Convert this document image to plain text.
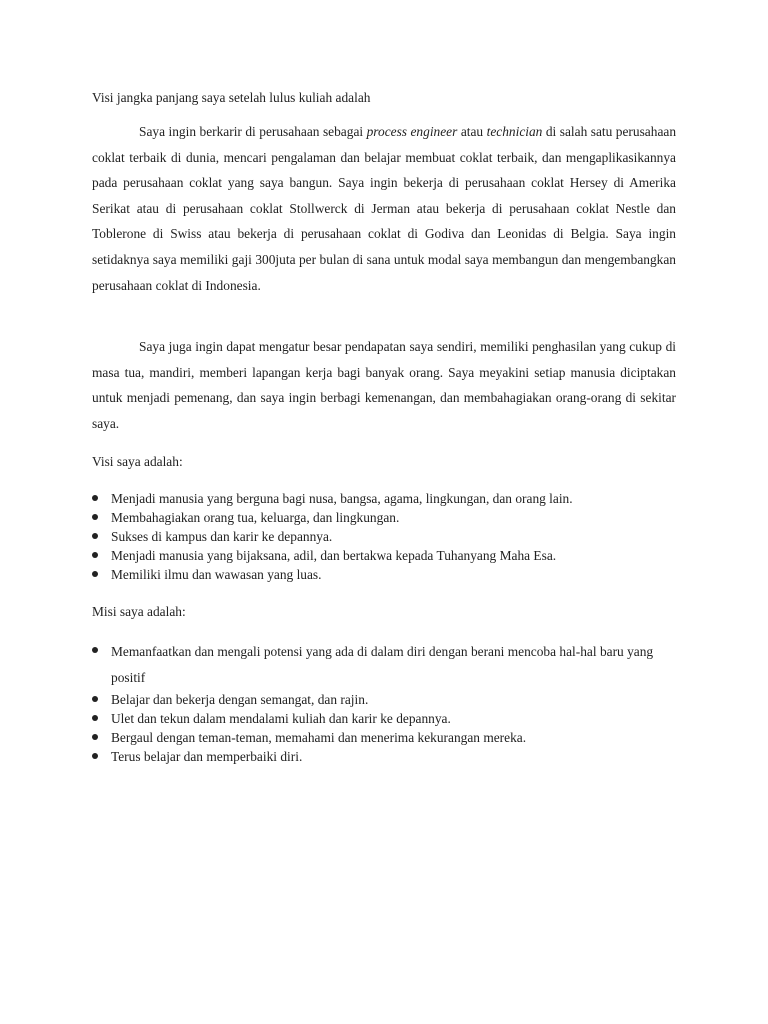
Visi jangka panjang saya setelah lulus kuliah adalah

Saya ingin berkarir di perusahaan sebagai process engineer atau technician di salah satu perusahaan coklat terbaik di dunia, mencari pengalaman dan belajar membuat coklat terbaik, dan mengaplikasikannya pada perusahaan coklat yang saya bangun. Saya ingin bekerja di perusahaan coklat Hersey di Amerika Serikat atau di perusahaan coklat Stollwerck di Jerman atau bekerja di perusahaan coklat Nestle dan Toblerone di Swiss atau bekerja di perusahaan coklat di Godiva dan Leonidas di Belgia. Saya ingin setidaknya saya memiliki gaji 300juta per bulan di sana untuk modal saya membangun dan mengembangkan perusahaan coklat di Indonesia.

Saya juga ingin dapat mengatur besar pendapatan saya sendiri, memiliki penghasilan yang cukup di masa tua, mandiri, memberi lapangan kerja bagi banyak orang. Saya meyakini setiap manusia diciptakan untuk menjadi pemenang, dan saya ingin berbagi kemenangan, dan membahagiakan orang-orang di sekitar saya.

Visi saya adalah:
Menjadi manusia yang berguna bagi nusa, bangsa, agama, lingkungan, dan orang lain.
Membahagiakan orang tua, keluarga, dan lingkungan.
Sukses di kampus dan karir ke depannya.
Menjadi manusia yang bijaksana, adil, dan bertakwa kepada Tuhanyang Maha Esa.
Memiliki ilmu dan wawasan yang luas.
Misi saya adalah:
Memanfaatkan dan mengali potensi yang ada di dalam diri dengan berani mencoba hal-hal baru yang positif
Belajar dan bekerja dengan semangat, dan rajin.
Ulet dan tekun dalam mendalami kuliah dan karir ke depannya.
Bergaul dengan teman-teman, memahami dan menerima kekurangan mereka.
Terus belajar dan memperbaiki diri.
